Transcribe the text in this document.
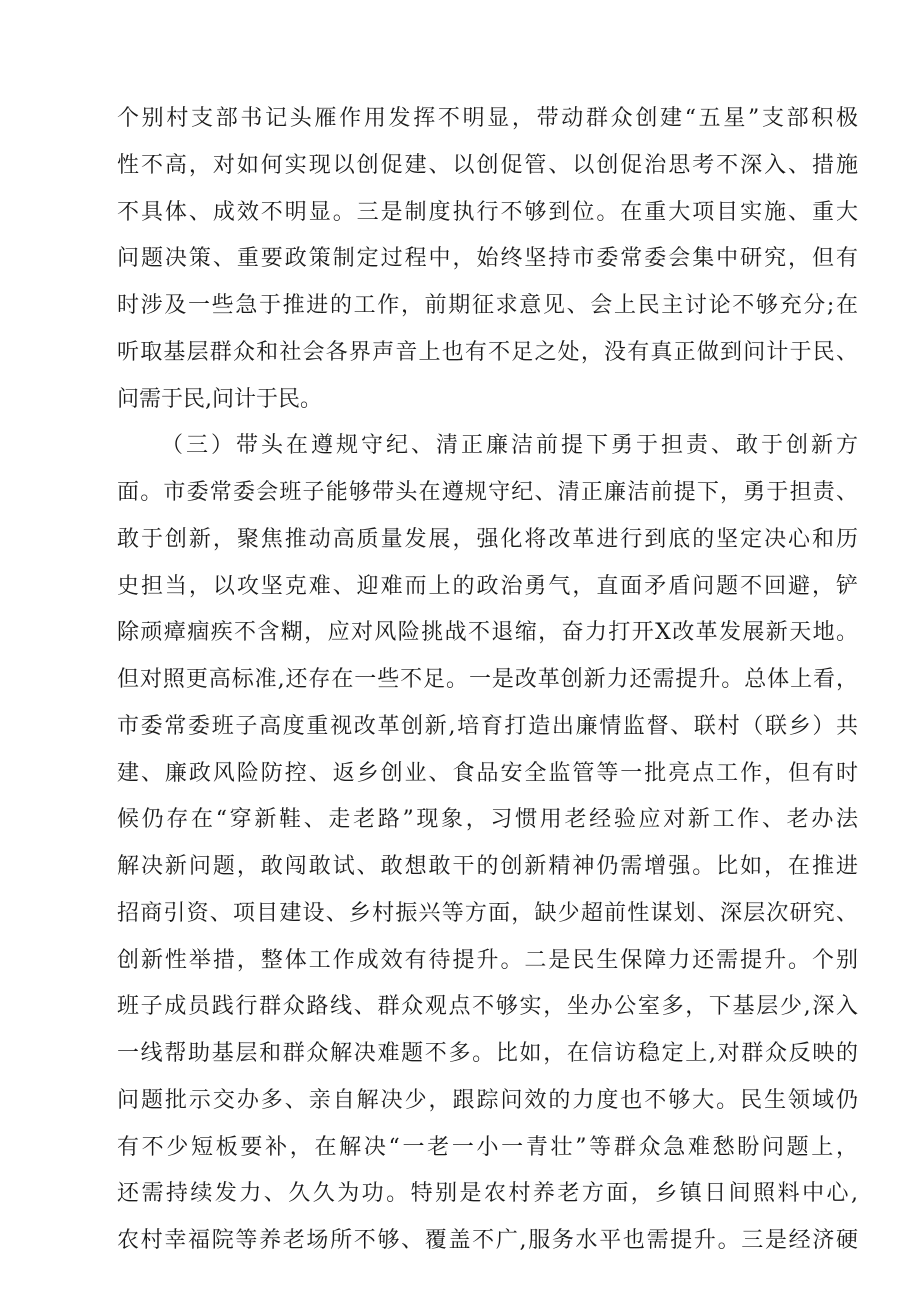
个别村支部书记头雁作用发挥不明显，带动群众创建“五星”支部积极
性不高，对如何实现以创促建、以创促管、以创促治思考不深入、措施
不具体、成效不明显。三是制度执行不够到位。在重大项目实施、重大
问题决策、重要政策制定过程中，始终坚持市委常委会集中研究，但有
时涉及一些急于推进的工作，前期征求意见、会上民主讨论不够充分;在
听取基层群众和社会各界声音上也有不足之处，没有真正做到问计于民、
问需于民,问计于民。
（三）带头在遵规守纪、清正廉洁前提下勇于担责、敢于创新方
面。市委常委会班子能够带头在遵规守纪、清正廉洁前提下，勇于担责、
敢于创新，聚焦推动高质量发展，强化将改革进行到底的坚定决心和历
史担当，以攻坚克难、迎难而上的政治勇气，直面矛盾问题不回避，铲
除顽瘴痼疾不含糊，应对风险挑战不退缩，奋力打开X改革发展新天地。
但对照更高标准,还存在一些不足。一是改革创新力还需提升。总体上看，
市委常委班子高度重视改革创新,培育打造出廉情监督、联村（联乡）共
建、廉政风险防控、返乡创业、食品安全监管等一批亮点工作，但有时
候仍存在“穿新鞋、走老路”现象，习惯用老经验应对新工作、老办法
解决新问题，敢闯敢试、敢想敢干的创新精神仍需增强。比如，在推进
招商引资、项目建设、乡村振兴等方面，缺少超前性谋划、深层次研究、
创新性举措，整体工作成效有待提升。二是民生保障力还需提升。个别
班子成员践行群众路线、群众观点不够实，坐办公室多，下基层少,深入
一线帮助基层和群众解决难题不多。比如，在信访稳定上,对群众反映的
问题批示交办多、亲自解决少，跟踪问效的力度也不够大。民生领域仍
有不少短板要补，在解决“一老一小一青壮”等群众急难愁盼问题上，
还需持续发力、久久为功。特别是农村养老方面，乡镇日间照料中心,
农村幸福院等养老场所不够、覆盖不广,服务水平也需提升。三是经济硬
